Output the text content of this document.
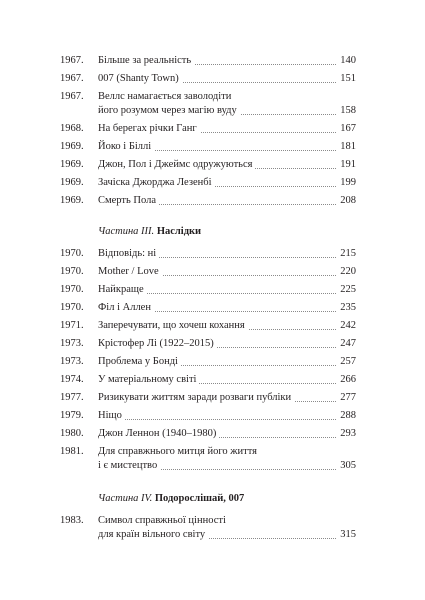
1967.	Більше за реальність	140
1967.	007 (Shanty Town)	151
1967.	Веллс намагається заволодіти
його розумом через магію вуду	158
1968.	На берегах річки Ганг	167
1969.	Йоко і Біллі	181
1969.	Джон, Пол і Джеймс одружуються	191
1969.	Зачіска Джорджа Лезенбі	199
1969.	Смерть Пола	208
Частина III. Наслідки
1970.	Відповідь: ні	215
1970.	Mother / Love	220
1970.	Найкраще	225
1970.	Філ і Аллен	235
1971.	Заперечувати, що хочеш кохання	242
1973.	Крістофер Лі (1922–2015)	247
1973.	Проблема у Бонді	257
1974.	У матеріальному світі	266
1977.	Ризикувати життям заради розваги публіки	277
1979.	Ніщо	288
1980.	Джон Леннон (1940–1980)	293
1981.	Для справжнього митця його життя
і є мистецтво	305
Частина IV. Подорослішай, 007
1983.	Символ справжньої цінності
для країн вільного світу	315
